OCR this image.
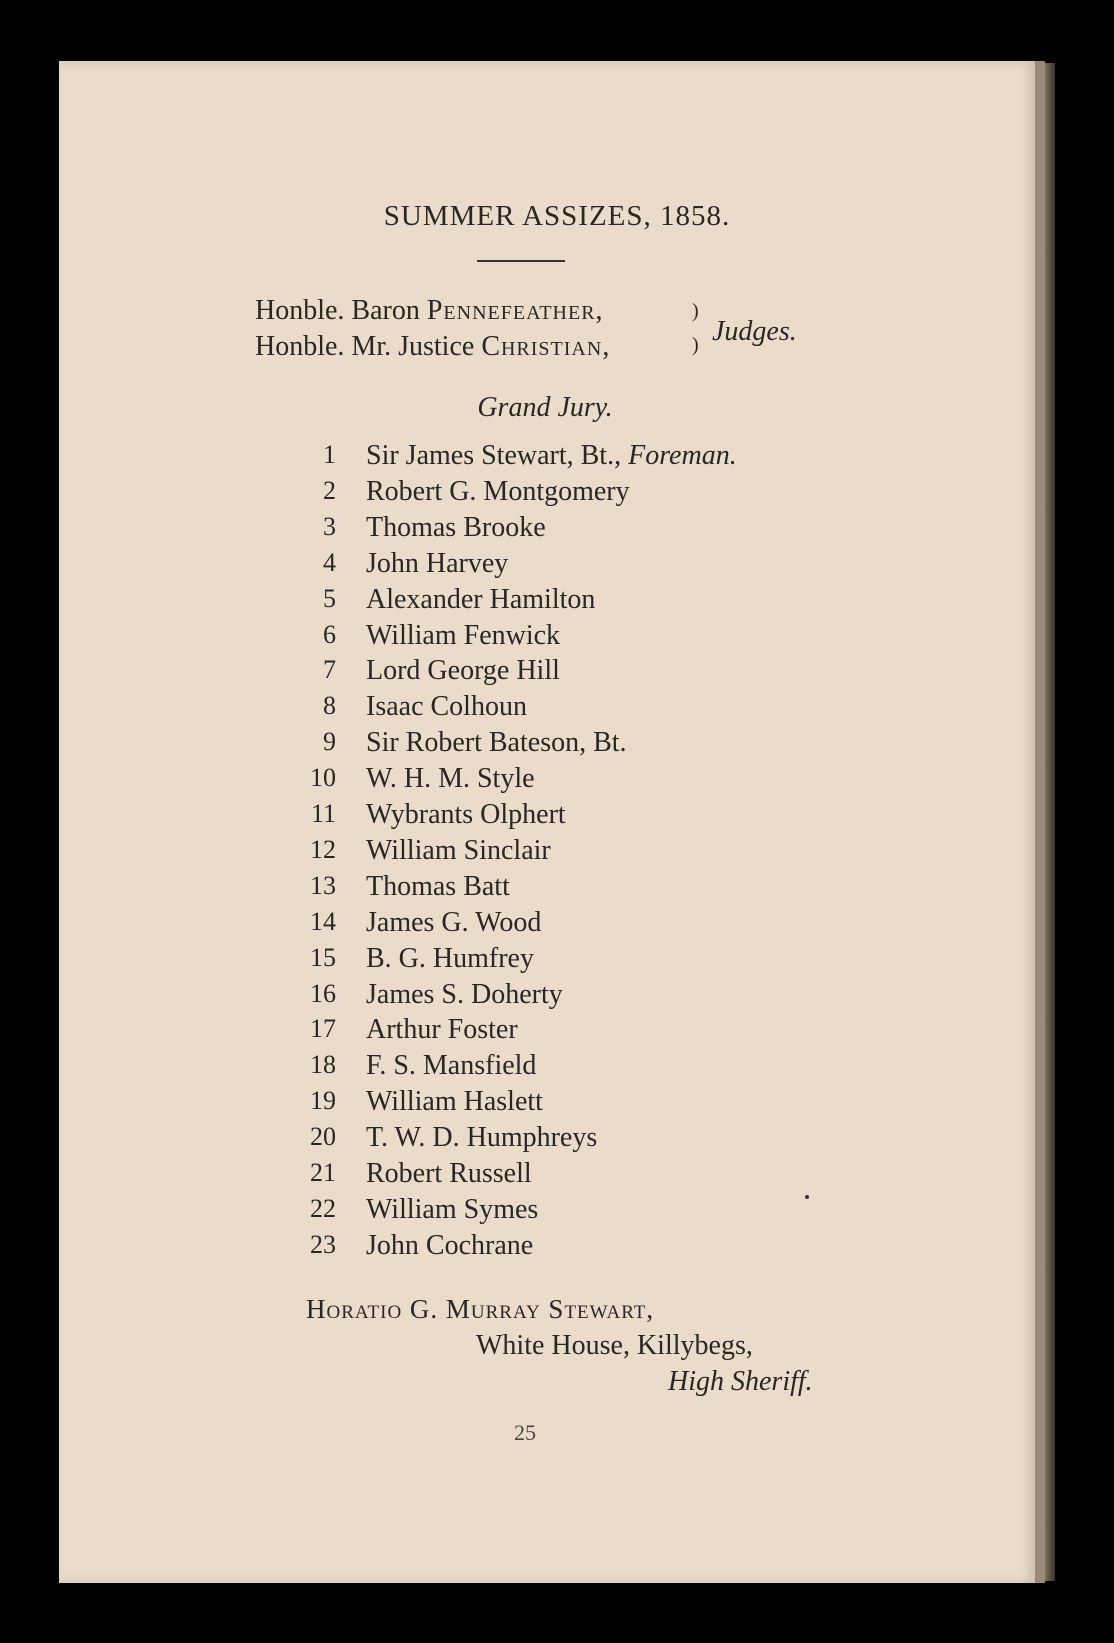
SUMMER ASSIZES, 1858.
Honble. Baron Pennefeather,
Honble. Mr. Justice Christian,
)
) Judges.
Grand Jury.
1 Sir James Stewart, Bt., Foreman.
2 Robert G. Montgomery
3 Thomas Brooke
4 John Harvey
5 Alexander Hamilton
6 William Fenwick
7 Lord George Hill
8 Isaac Colhoun
9 Sir Robert Bateson, Bt.
10 W. H. M. Style
11 Wybrants Olphert
12 William Sinclair
13 Thomas Batt
14 James G. Wood
15 B. G. Humfrey
16 James S. Doherty
17 Arthur Foster
18 F. S. Mansfield
19 William Haslett
20 T. W. D. Humphreys
21 Robert Russell
22 William Symes
23 John Cochrane
Horatio G. Murray Stewart,
White House, Killybegs,
High Sheriff.
25
